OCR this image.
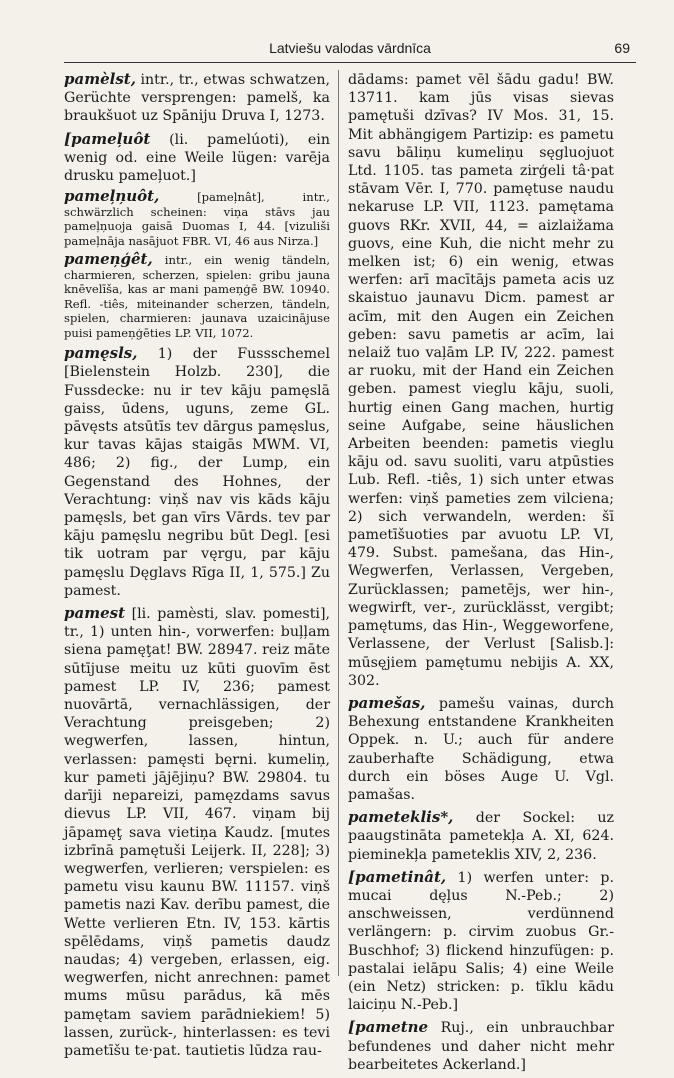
Latviešu valodas vārdnīca	69

pamèlst, intr., tr., etwas schwatzen, Gerüchte versprengen: pamelš, ka braukšuot uz Spāniju Druva I, 1273.

[pameļuôt (li. pamelúoti), ein wenig od. eine Weile lügen: varēja drusku pameļuot.]

pameļņuôt, [pameļnât], intr., schwärzlich scheinen: viņa stāvs jau pameļņuoja gaisā Duomas I, 44. [vizuliši pameļnāja nasājuot FBR. VI, 46 aus Nirza.]

pameņģêt, intr., ein wenig tändeln, charmieren, scherzen, spielen: gribu jauna knēvelīša, kas ar mani pameņģē BW. 10940. Refl. -tiês, miteinander scherzen, tändeln, spielen, charmieren: jaunava uzaicinājuse puisi pameņģēties LP. VII, 1072.

pamęsls, 1) der Fussschemel [Bielenstein Holzb. 230], die Fussdecke: nu ir tev kāju pamęslā gaiss, ūdens, uguns, zeme GL. pāvęsts atsūtīs tev dārgus pamęslus, kur tavas kājas staigās MWM. VI, 486; 2) fig., der Lump, ein Gegenstand des Hohnes, der Verachtung: viņš nav vis kāds kāju pamęsls, bet gan vīrs Vārds. tev par kāju pamęslu negribu būt Degl. [esi tik uotram par vęrgu, par kāju pamęslu Dęglavs Rīga II, 1, 575.] Zu pamest.

pamest [li. pamèsti, slav. pomesti], tr., 1) unten hin-, vorwerfen: buļļam siena pamęţat! BW. 28947. reiz māte sūtījuse meitu uz kūti guovīm ēst pamest LP. IV, 236; pamest nuovārtā, vernachlässigen, der Verachtung preisgeben; 2) wegwerfen, lassen, hintun, verlassen: pamęsti bęrni. kumeliņ, kur pameti jājējiņu? BW. 29804. tu darīji nepareizi, pamęzdams savus dievus LP. VII, 467. viņam bij jāpamęţ sava vietiņa Kaudz. [mutes izbrīnā pamętuši Leijerk. II, 228]; 3) wegwerfen, verlieren; verspielen: es pametu visu kaunu BW. 11157. viņš pametis nazi Kav. derību pamest, die Wette verlieren Etn. IV, 153. kārtis spēlēdams, viņš pametis daudz naudas; 4) vergeben, erlassen, eig. wegwerfen, nicht anrechnen: pamet mums mūsu parādus, kā mēs pamętam saviem parādniekiem! 5) lassen, zurück-, hinterlassen: es tevi pametīšu te·pat. tautietis lūdza rau-

dādams: pamet vēl šādu gadu! BW. 13711. kam jūs visas sievas pamętuši dzīvas? IV Mos. 31, 15. Mit abhängigem Partizip: es pametu savu bāliņu kumeliņu sęgluojuot Ltd. 1105. tas pameta zirģeli tâ·pat stāvam Vēr. I, 770. pamętuse naudu nekaruse LP. VII, 1123. pamętama guovs RKr. XVII, 44, = aizlaižama guovs, eine Kuh, die nicht mehr zu melken ist; 6) ein wenig, etwas werfen: arī macītājs pameta acis uz skaistuo jaunavu Dicm. pamest ar acīm, mit den Augen ein Zeichen geben: savu pametis ar acīm, lai nelaiž tuo vaļām LP. IV, 222. pamest ar ruoku, mit der Hand ein Zeichen geben. pamest vieglu kāju, suoli, hurtig einen Gang machen, hurtig seine Aufgabe, seine häuslichen Arbeiten beenden: pametis vieglu kāju od. savu suoliti, varu atpūsties Lub. Refl. -tiês, 1) sich unter etwas werfen: viņš pameties zem vilciena; 2) sich verwandeln, werden: šī pametīšuoties par avuotu LP. VI, 479. Subst. pamešana, das Hin-, Wegwerfen, Verlassen, Vergeben, Zurücklassen; pametējs, wer hin-, wegwirft, ver-, zurücklässt, vergibt; pamętums, das Hin-, Weggeworfene, Verlassene, der Verlust [Salisb.]: mūsęjiem pamętumu nebijis A. XX, 302.

pamešas, pamešu vainas, durch Behexung entstandene Krankheiten Oppek. n. U.; auch für andere zauberhafte Schädigung, etwa durch ein böses Auge U. Vgl. pamašas.

pameteklis*, der Sockel: uz paaugstināta pametekļa A. XI, 624. pieminekļa pameteklis XIV, 2, 236.

[pametinât, 1) werfen unter: p. mucai dęļus N.-Peb.; 2) anschweissen, verdünnend verlängern: p. cirvim zuobus Gr.-Buschhof; 3) flickend hinzufügen: p. pastalai ielāpu Salis; 4) eine Weile (ein Netz) stricken: p. tīklu kādu laiciņu N.-Peb.]

[pametne Ruj., ein unbrauchbar befundenes und daher nicht mehr bearbeitetes Ackerland.]
